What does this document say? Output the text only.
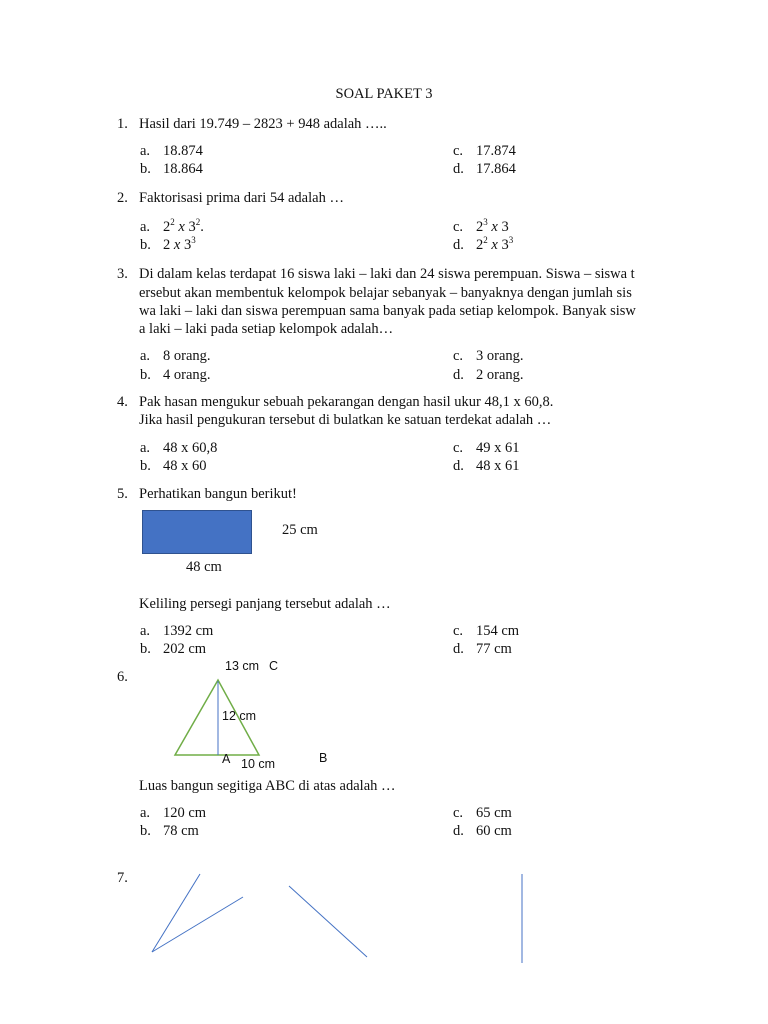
SOAL PAKET 3
1. Hasil dari 19.749 – 2823 + 948 adalah …..
a. 18.874
b. 18.864
c. 17.874
d. 17.864
2. Faktorisasi prima dari 54 adalah …
a. $2^2$ x $3^2$.
b. 2 x $3^3$
c. $2^3$ x 3
d. $2^2$ x $3^3$
3. Di dalam kelas terdapat 16 siswa laki – laki dan 24 siswa perempuan. Siswa – siswa t
ersebut akan membentuk kelompok belajar sebanyak – banyaknya dengan jumlah sis
wa laki – laki dan siswa perempuan sama banyak pada setiap kelompok. Banyak sisw
a laki – laki pada setiap kelompok adalah…
a. 8 orang.
b. 4 orang.
c. 3 orang.
d. 2 orang.
4. Pak hasan mengukur sebuah pekarangan dengan hasil ukur 48,1 x 60,8.
Jika hasil pengukuran tersebut di bulatkan ke satuan terdekat adalah …
a. 48 x 60,8
b. 48 x 60
c. 49 x 61
d. 48 x 61
5. Perhatikan bangun berikut!
25 cm
48 cm
Keliling persegi panjang tersebut adalah …
a. 1392 cm
b. 202 cm
c. 154 cm
d. 77 cm
6.
13 cm C
12 cm
A 10 cm	B
Luas bangun segitiga ABC di atas adalah …
a. 120 cm
b. 78 cm
c. 65 cm
d. 60 cm
7.
